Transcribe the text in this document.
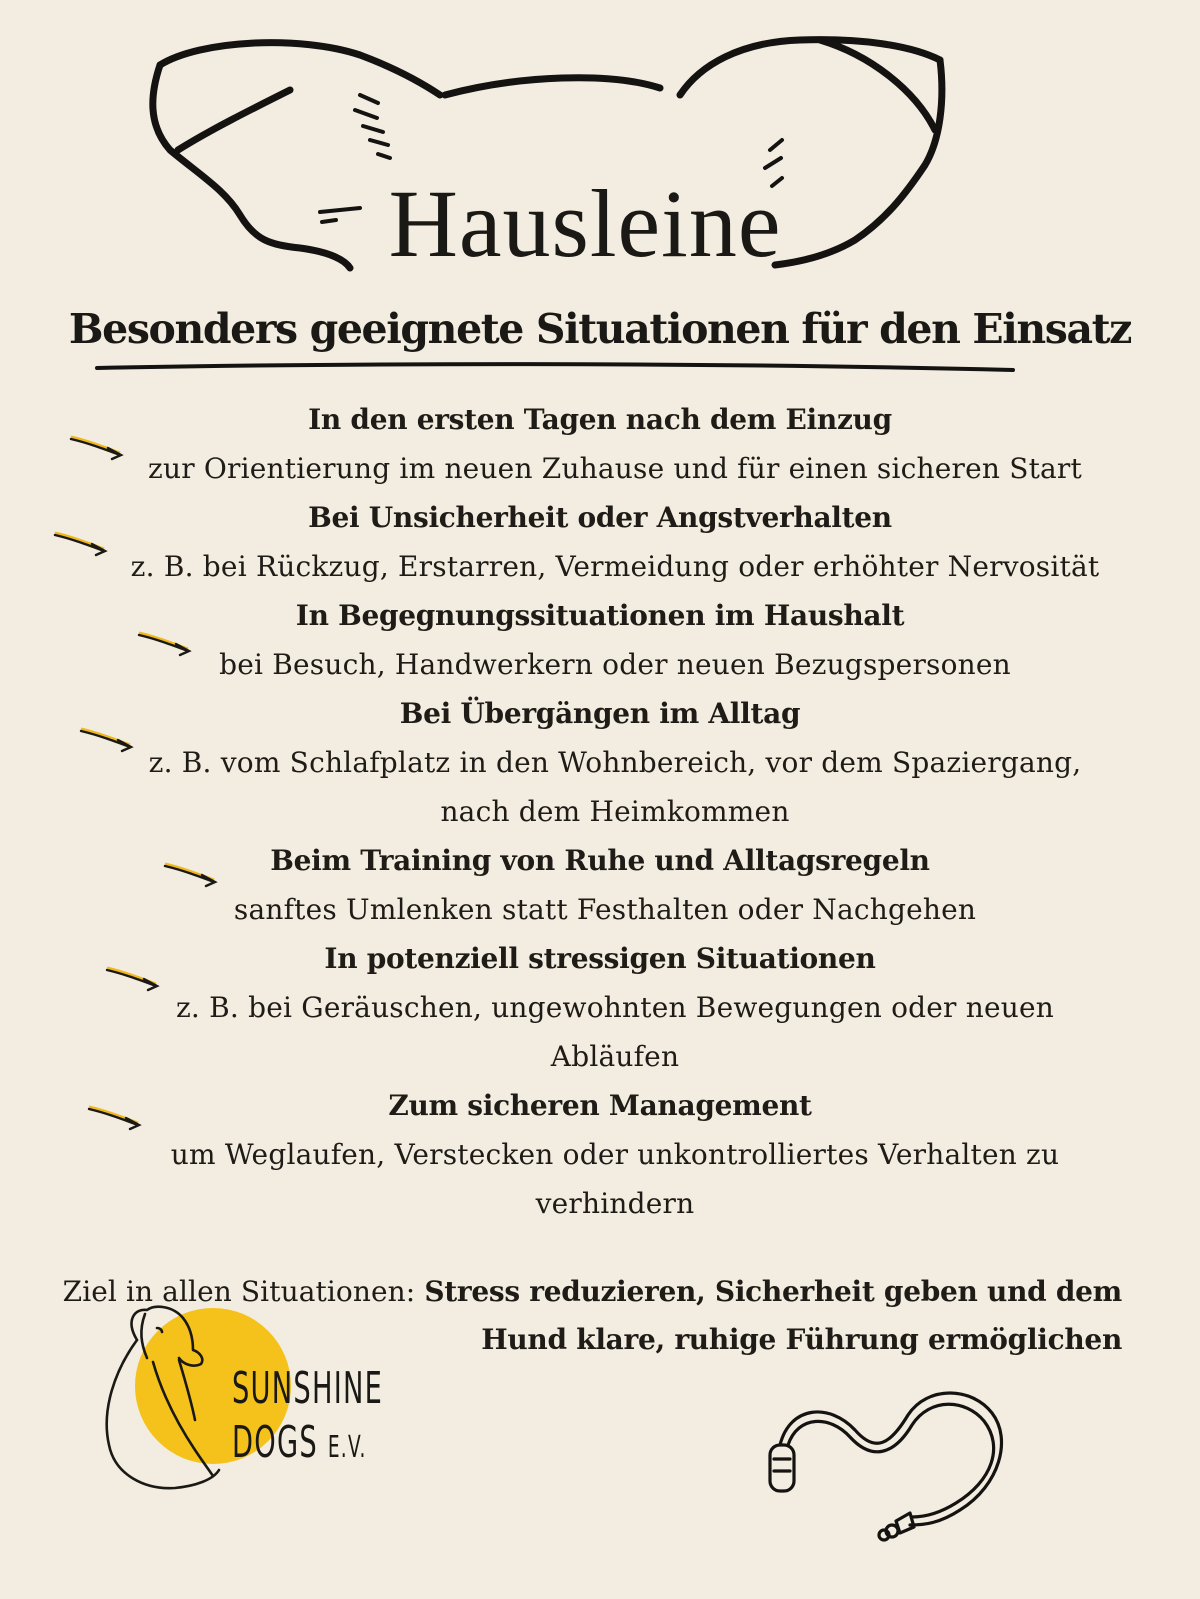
Hausleine
Besonders geeignete Situationen für den Einsatz
In den ersten Tagen nach dem Einzug
zur Orientierung im neuen Zuhause und für einen sicheren Start
Bei Unsicherheit oder Angstverhalten
z. B. bei Rückzug, Erstarren, Vermeidung oder erhöhter Nervosität
In Begegnungssituationen im Haushalt
bei Besuch, Handwerkern oder neuen Bezugspersonen
Bei Übergängen im Alltag
z. B. vom Schlafplatz in den Wohnbereich, vor dem Spaziergang, nach dem Heimkommen
Beim Training von Ruhe und Alltagsregeln
sanftes Umlenken statt Festhalten oder Nachgehen
In potenziell stressigen Situationen
z. B. bei Geräuschen, ungewohnten Bewegungen oder neuen Abläufen
Zum sicheren Management
um Weglaufen, Verstecken oder unkontrolliertes Verhalten zu verhindern
Ziel in allen Situationen: Stress reduzieren, Sicherheit geben und dem Hund klare, ruhige Führung ermöglichen
SUNSHINE
DOGS E.V.
